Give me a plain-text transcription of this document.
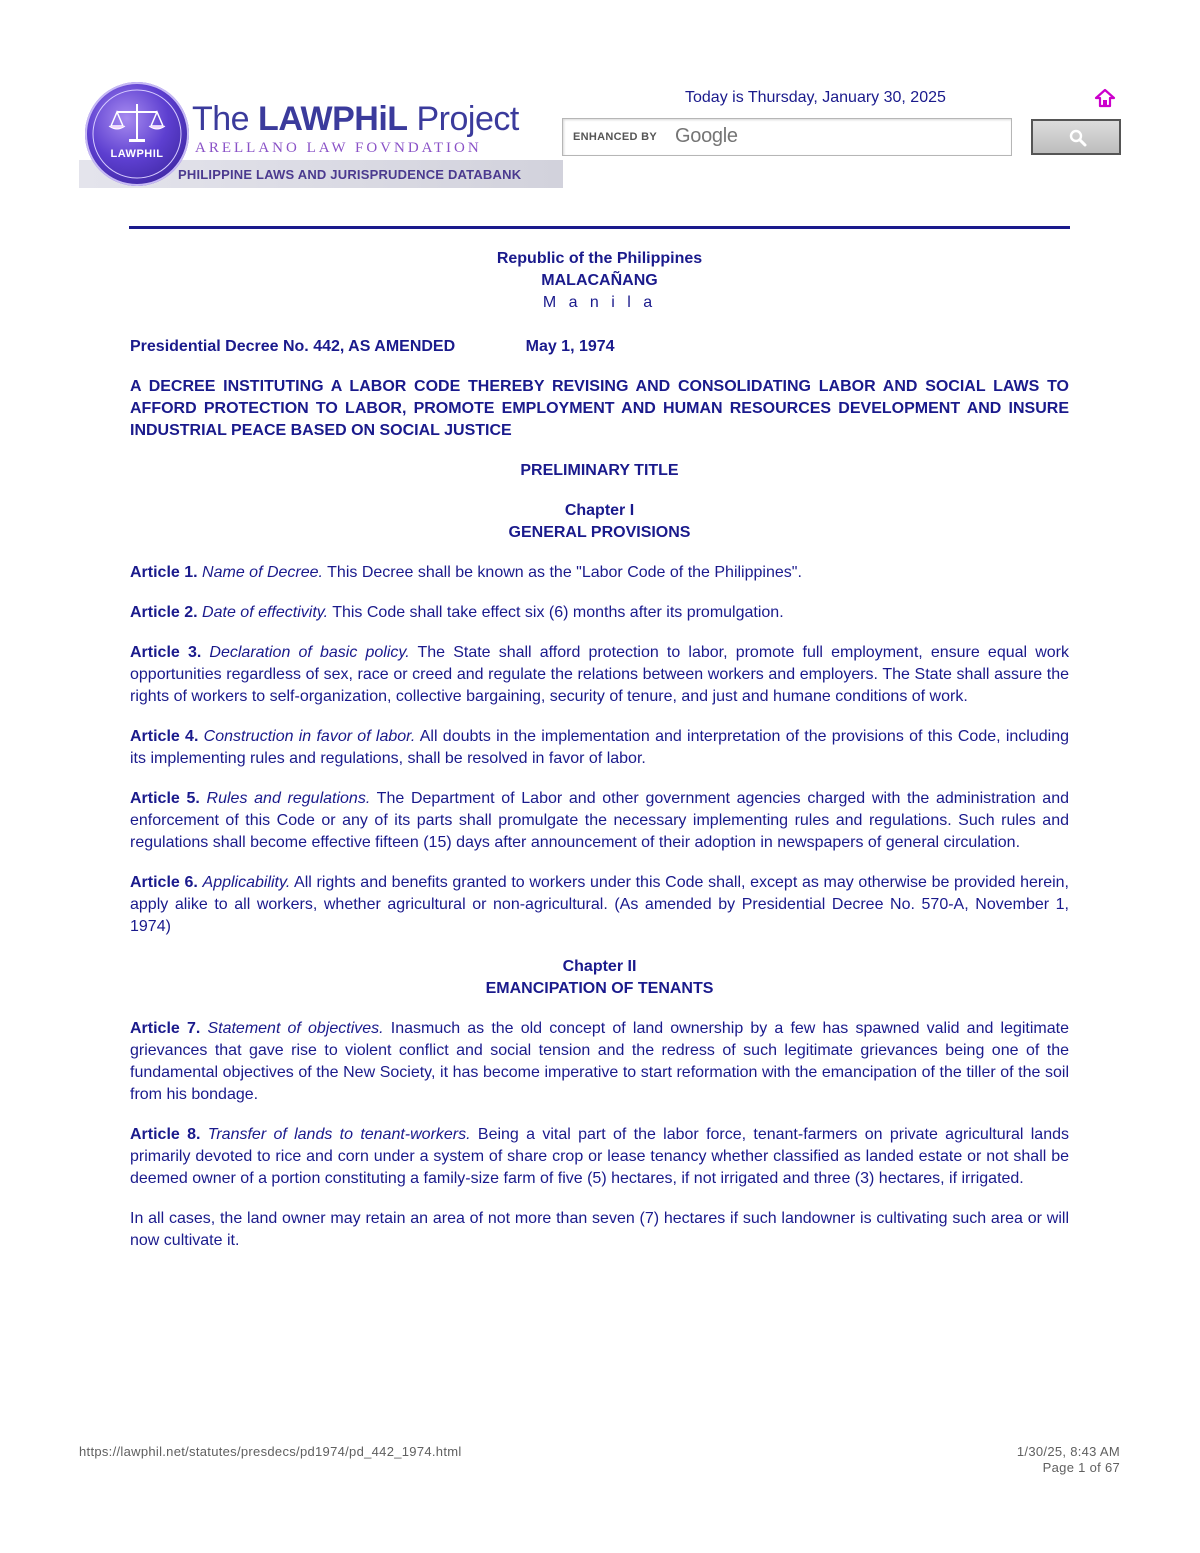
PHILIPPINE LAWS AND JURISPRUDENCE DATABANK
LAWPHIL
The LAWPHiL Project
ARELLANO LAW FOVNDATION
Today is Thursday, January 30, 2025
ENHANCED BY Google
Republic of the Philippines
MALACAÑANG
M a n i l a
Presidential Decree No. 442, AS AMENDED	May 1, 1974
A DECREE INSTITUTING A LABOR CODE THEREBY REVISING AND CONSOLIDATING LABOR AND SOCIAL LAWS TO AFFORD PROTECTION TO LABOR, PROMOTE EMPLOYMENT AND HUMAN RESOURCES DEVELOPMENT AND INSURE INDUSTRIAL PEACE BASED ON SOCIAL JUSTICE
PRELIMINARY TITLE
Chapter I
GENERAL PROVISIONS

Article 1. Name of Decree. This Decree shall be known as the "Labor Code of the Philippines".

Article 2. Date of effectivity. This Code shall take effect six (6) months after its promulgation.

Article 3. Declaration of basic policy. The State shall afford protection to labor, promote full employment, ensure equal work opportunities regardless of sex, race or creed and regulate the relations between workers and employers. The State shall assure the rights of workers to self-organization, collective bargaining, security of tenure, and just and humane conditions of work.

Article 4. Construction in favor of labor. All doubts in the implementation and interpretation of the provisions of this Code, including its implementing rules and regulations, shall be resolved in favor of labor.

Article 5. Rules and regulations. The Department of Labor and other government agencies charged with the administration and enforcement of this Code or any of its parts shall promulgate the necessary implementing rules and regulations. Such rules and regulations shall become effective fifteen (15) days after announcement of their adoption in newspapers of general circulation.

Article 6. Applicability. All rights and benefits granted to workers under this Code shall, except as may otherwise be provided herein, apply alike to all workers, whether agricultural or non-agricultural. (As amended by Presidential Decree No. 570-A, November 1, 1974)

Chapter II
EMANCIPATION OF TENANTS

Article 7. Statement of objectives. Inasmuch as the old concept of land ownership by a few has spawned valid and legitimate grievances that gave rise to violent conflict and social tension and the redress of such legitimate grievances being one of the fundamental objectives of the New Society, it has become imperative to start reformation with the emancipation of the tiller of the soil from his bondage.

Article 8. Transfer of lands to tenant-workers. Being a vital part of the labor force, tenant-farmers on private agricultural lands primarily devoted to rice and corn under a system of share crop or lease tenancy whether classified as landed estate or not shall be deemed owner of a portion constituting a family-size farm of five (5) hectares, if not irrigated and three (3) hectares, if irrigated.

In all cases, the land owner may retain an area of not more than seven (7) hectares if such landowner is cultivating such area or will now cultivate it.

https://lawphil.net/statutes/presdecs/pd1974/pd_442_1974.html	1/30/25, 8:43 AM
Page 1 of 67
